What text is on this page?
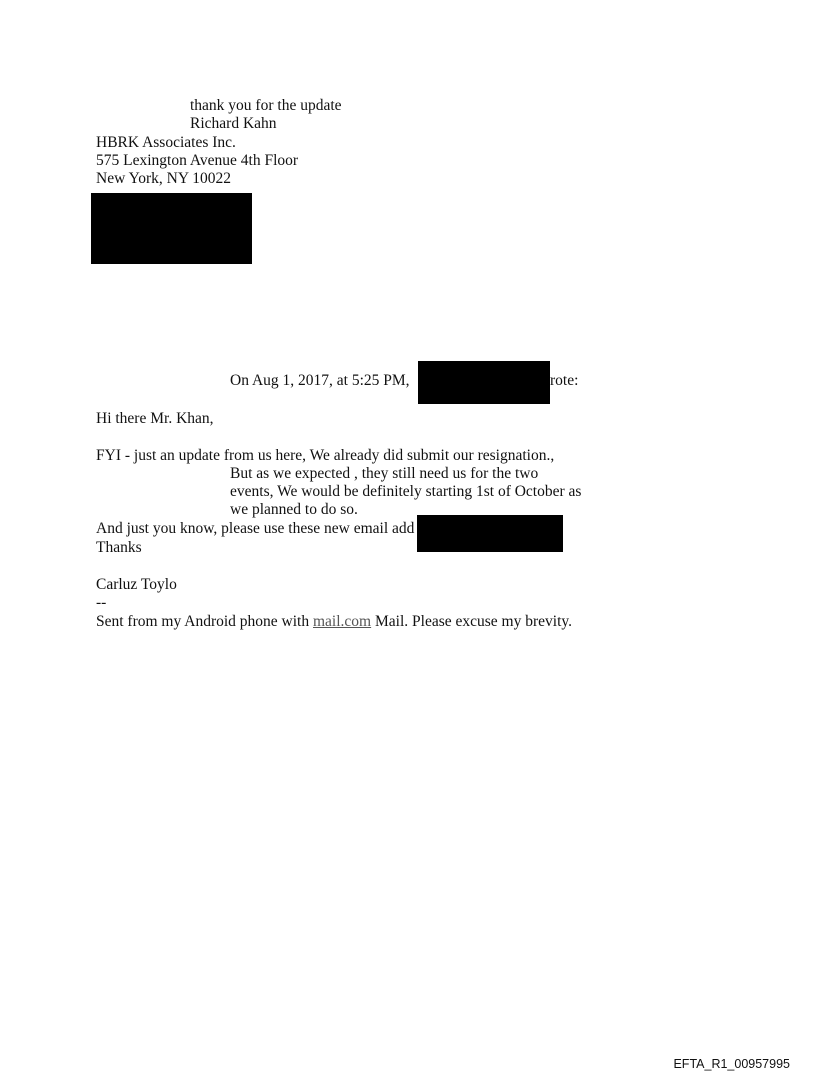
thank you for the update
Richard Kahn
HBRK Associates Inc.
575 Lexington Avenue 4th Floor
New York, NY 10022
On Aug 1, 2017, at 5:25 PM,	rote:
Hi there Mr. Khan,
FYI - just an update from us here, We already did submit our resignation.,
But as we expected , they still need us for the two
events, We would be definitely starting 1st of October as
we planned to do so.
And just you know, please use these new email add
Thanks
Carluz Toylo
--
Sent from my Android phone with mail.com Mail. Please excuse my brevity.
EFTA_R1_00957995
